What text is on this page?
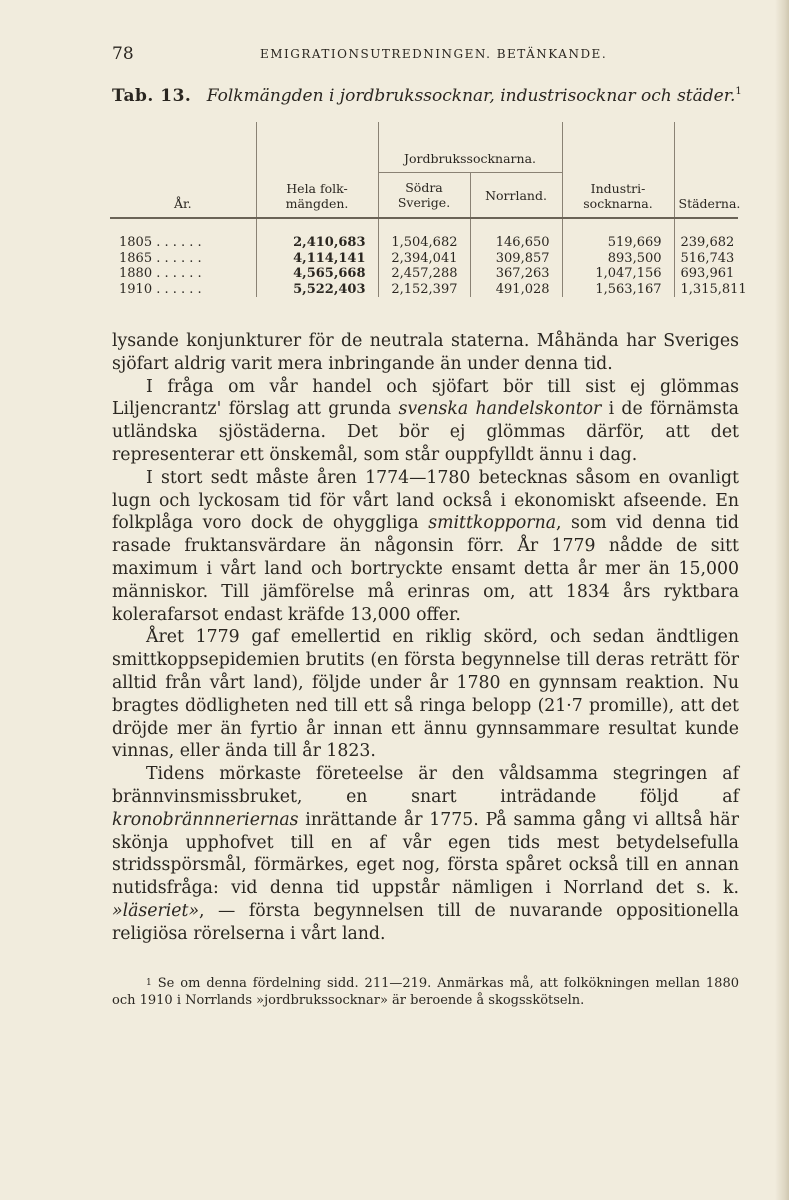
78	EMIGRATIONSUTREDNINGEN. BETÄNKANDE.
Tab. 13. Folkmängden i jordbrukssocknar, industrisocknar och städer.$^1$
År.	Hela folk-mängden.	Jordbrukssocknarna.		Industri-socknarna.	Städerna.
		Södra Sverige.	Norrland.		

1805 . . . . . .	2,410,683	1,504,682	146,650	519,669	239,682
1865 . . . . . .	4,114,141	2,394,041	309,857	893,500	516,743
1880 . . . . . .	4,565,668	2,457,288	367,263	1,047,156	693,961
1910 . . . . . .	5,522,403	2,152,397	491,028	1,563,167	1,315,811

lysande konjunkturer för de neutrala staterna. Måhända har Sveriges sjöfart aldrig varit mera inbringande än under denna tid.

I fråga om vår handel och sjöfart bör till sist ej glömmas Liljencrantz' förslag att grunda svenska handelskontor i de förnämsta utländska sjöstäderna. Det bör ej glömmas därför, att det representerar ett önskemål, som står ouppfylldt ännu i dag.

I stort sedt måste åren 1774—1780 betecknas såsom en ovanligt lugn och lyckosam tid för vårt land också i ekonomiskt afseende. En folkplåga voro dock de ohyggliga smittkopporna, som vid denna tid rasade fruktansvärdare än någonsin förr. År 1779 nådde de sitt maximum i vårt land och bortryckte ensamt detta år mer än 15,000 människor. Till jämförelse må erinras om, att 1834 års ryktbara kolerafarsot endast kräfde 13,000 offer.

Året 1779 gaf emellertid en riklig skörd, och sedan ändtligen smittkoppsepidemien brutits (en första begynnelse till deras reträtt för alltid från vårt land), följde under år 1780 en gynnsam reaktion. Nu bragtes dödligheten ned till ett så ringa belopp (21·7 promille), att det dröjde mer än fyrtio år innan ett ännu gynnsammare resultat kunde vinnas, eller ända till år 1823.

Tidens mörkaste företeelse är den våldsamma stegringen af brännvinsmissbruket, en snart inträdande följd af kronobrännneriernas inrättande år 1775. På samma gång vi alltså här skönja upphofvet till en af vår egen tids mest betydelsefulla stridsspörsmål, förmärkes, eget nog, första spåret också till en annan nutidsfråga: vid denna tid uppstår nämligen i Norrland det s. k. »läseriet», — första begynnelsen till de nuvarande oppositionella religiösa rörelserna i vårt land.

$^1$ Se om denna fördelning sidd. 211—219. Anmärkas må, att folkökningen mellan 1880 och 1910 i Norrlands »jordbrukssocknar» är beroende å skogsskötseln.
